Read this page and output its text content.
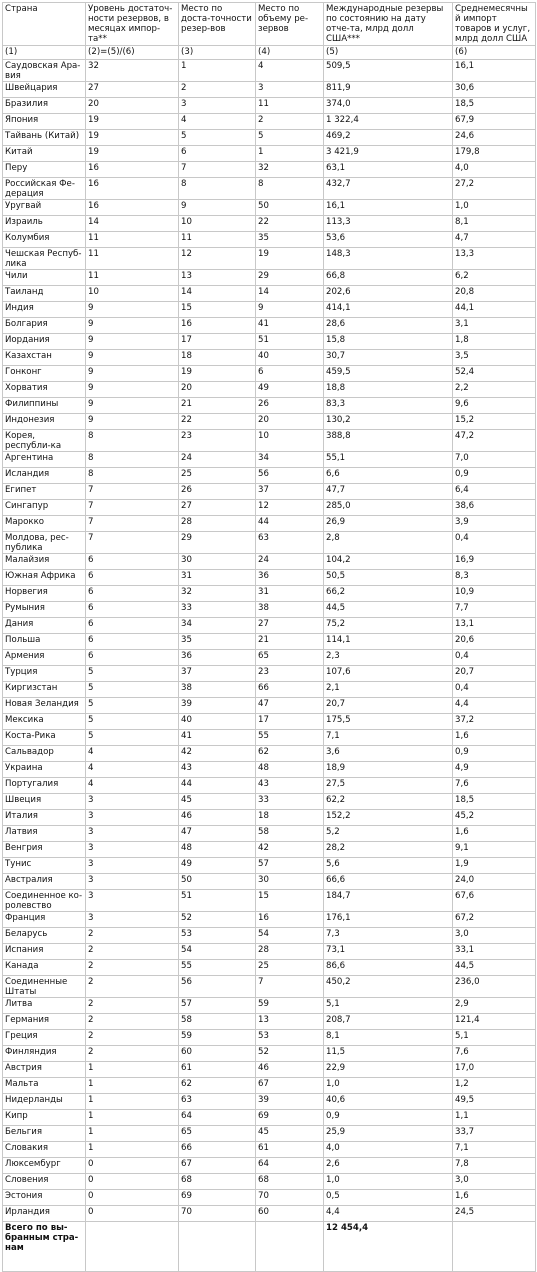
Страна	Уровень достаточ-ности резервов, в месяцах импор-та**	Место по доста-точности резер-вов	Место по объему ре-зервов	Международные резервы по состоянию на дату отче-та, млрд долл США***	Среднемесячный импорт товаров и услуг, млрд долл США
(1)	(2)=(5)/(6)	(3)	(4)	(5)	(6)
Саудовская Ара-вия	32	1	4	509,5	16,1
Швейцария	27	2	3	811,9	30,6
Бразилия	20	3	11	374,0	18,5
Япония	19	4	2	1 322,4	67,9
Тайвань (Китай)	19	5	5	469,2	24,6
Китай	19	6	1	3 421,9	179,8
Перу	16	7	32	63,1	4,0
Российская Фе-дерация	16	8	8	432,7	27,2
Уругвай	16	9	50	16,1	1,0
Израиль	14	10	22	113,3	8,1
Колумбия	11	11	35	53,6	4,7
Чешская Респуб-лика	11	12	19	148,3	13,3
Чили	11	13	29	66,8	6,2
Таиланд	10	14	14	202,6	20,8
Индия	9	15	9	414,1	44,1
Болгария	9	16	41	28,6	3,1
Иордания	9	17	51	15,8	1,8
Казахстан	9	18	40	30,7	3,5
Гонконг	9	19	6	459,5	52,4
Хорватия	9	20	49	18,8	2,2
Филиппины	9	21	26	83,3	9,6
Индонезия	9	22	20	130,2	15,2
Корея, республи-ка	8	23	10	388,8	47,2
Аргентина	8	24	34	55,1	7,0
Исландия	8	25	56	6,6	0,9
Египет	7	26	37	47,7	6,4
Сингапур	7	27	12	285,0	38,6
Марокко	7	28	44	26,9	3,9
Молдова, рес-публика	7	29	63	2,8	0,4
Малайзия	6	30	24	104,2	16,9
Южная Африка	6	31	36	50,5	8,3
Норвегия	6	32	31	66,2	10,9
Румыния	6	33	38	44,5	7,7
Дания	6	34	27	75,2	13,1
Польша	6	35	21	114,1	20,6
Армения	6	36	65	2,3	0,4
Турция	5	37	23	107,6	20,7
Киргизстан	5	38	66	2,1	0,4
Новая Зеландия	5	39	47	20,7	4,4
Мексика	5	40	17	175,5	37,2
Коста-Рика	5	41	55	7,1	1,6
Сальвадор	4	42	62	3,6	0,9
Украина	4	43	48	18,9	4,9
Португалия	4	44	43	27,5	7,6
Швеция	3	45	33	62,2	18,5
Италия	3	46	18	152,2	45,2
Латвия	3	47	58	5,2	1,6
Венгрия	3	48	42	28,2	9,1
Тунис	3	49	57	5,6	1,9
Австралия	3	50	30	66,6	24,0
Соединенное ко-ролевство	3	51	15	184,7	67,6
Франция	3	52	16	176,1	67,2
Беларусь	2	53	54	7,3	3,0
Испания	2	54	28	73,1	33,1
Канада	2	55	25	86,6	44,5
Соединенные Штаты	2	56	7	450,2	236,0
Литва	2	57	59	5,1	2,9
Германия	2	58	13	208,7	121,4
Греция	2	59	53	8,1	5,1
Финляндия	2	60	52	11,5	7,6
Австрия	1	61	46	22,9	17,0
Мальта	1	62	67	1,0	1,2
Нидерланды	1	63	39	40,6	49,5
Кипр	1	64	69	0,9	1,1
Бельгия	1	65	45	25,9	33,7
Словакия	1	66	61	4,0	7,1
Люксембург	0	67	64	2,6	7,8
Словения	0	68	68	1,0	3,0
Эстония	0	69	70	0,5	1,6
Ирландия	0	70	60	4,4	24,5
Всего по вы-бранным стра-нам				12 454,4	
